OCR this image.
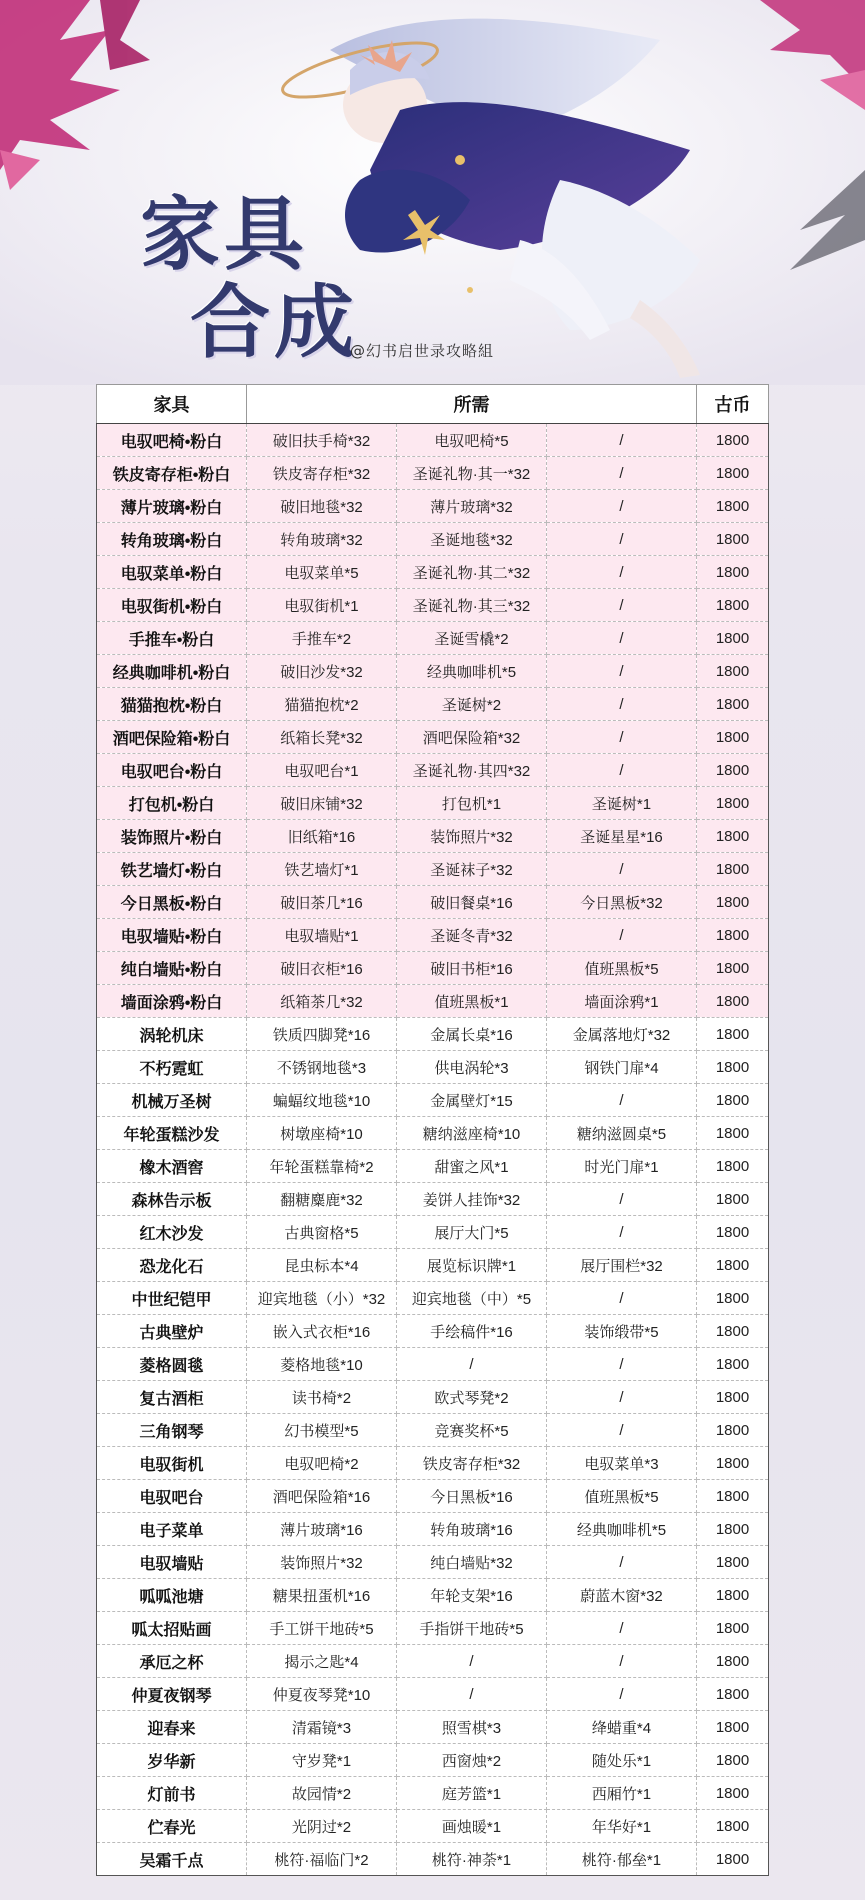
家具
合成
@幻书启世录攻略組
家具	所需			古币
电驭吧椅•粉白	破旧扶手椅*32	电驭吧椅*5	/	1800
铁皮寄存柜•粉白	铁皮寄存柜*32	圣诞礼物·其一*32	/	1800
薄片玻璃•粉白	破旧地毯*32	薄片玻璃*32	/	1800
转角玻璃•粉白	转角玻璃*32	圣诞地毯*32	/	1800
电驭菜单•粉白	电驭菜单*5	圣诞礼物·其二*32	/	1800
电驭街机•粉白	电驭街机*1	圣诞礼物·其三*32	/	1800
手推车•粉白	手推车*2	圣诞雪橇*2	/	1800
经典咖啡机•粉白	破旧沙发*32	经典咖啡机*5	/	1800
猫猫抱枕•粉白	猫猫抱枕*2	圣诞树*2	/	1800
酒吧保险箱•粉白	纸箱长凳*32	酒吧保险箱*32	/	1800
电驭吧台•粉白	电驭吧台*1	圣诞礼物·其四*32	/	1800
打包机•粉白	破旧床铺*32	打包机*1	圣诞树*1	1800
装饰照片•粉白	旧纸箱*16	装饰照片*32	圣诞星星*16	1800
铁艺墙灯•粉白	铁艺墙灯*1	圣诞袜子*32	/	1800
今日黑板•粉白	破旧茶几*16	破旧餐桌*16	今日黑板*32	1800
电驭墙贴•粉白	电驭墙贴*1	圣诞冬青*32	/	1800
纯白墙贴•粉白	破旧衣柜*16	破旧书柜*16	值班黑板*5	1800
墙面涂鸦•粉白	纸箱茶几*32	值班黑板*1	墙面涂鸦*1	1800
涡轮机床	铁质四脚凳*16	金属长桌*16	金属落地灯*32	1800
不朽霓虹	不锈钢地毯*3	供电涡轮*3	钢铁门扉*4	1800
机械万圣树	蝙蝠纹地毯*10	金属壁灯*15	/	1800
年轮蛋糕沙发	树墩座椅*10	糖纳滋座椅*10	糖纳滋圆桌*5	1800
橡木酒窖	年轮蛋糕靠椅*2	甜蜜之风*1	时光门扉*1	1800
森林告示板	翻糖麋鹿*32	姜饼人挂饰*32	/	1800
红木沙发	古典窗格*5	展厅大门*5	/	1800
恐龙化石	昆虫标本*4	展览标识牌*1	展厅围栏*32	1800
中世纪铠甲	迎宾地毯（小）*32	迎宾地毯（中）*5	/	1800
古典壁炉	嵌入式衣柜*16	手绘稿件*16	装饰缎带*5	1800
菱格圆毯	菱格地毯*10	/	/	1800
复古酒柜	读书椅*2	欧式琴凳*2	/	1800
三角钢琴	幻书模型*5	竞赛奖杯*5	/	1800
电驭街机	电驭吧椅*2	铁皮寄存柜*32	电驭菜单*3	1800
电驭吧台	酒吧保险箱*16	今日黑板*16	值班黑板*5	1800
电子菜单	薄片玻璃*16	转角玻璃*16	经典咖啡机*5	1800
电驭墙贴	装饰照片*32	纯白墙贴*32	/	1800
呱呱池塘	糖果扭蛋机*16	年轮支架*16	蔚蓝木窗*32	1800
呱太招贴画	手工饼干地砖*5	手指饼干地砖*5	/	1800
承厄之杯	揭示之匙*4	/	/	1800
仲夏夜钢琴	仲夏夜琴凳*10	/	/	1800
迎春来	清霜镜*3	照雪棋*3	绛蜡重*4	1800
岁华新	守岁凳*1	西窗烛*2	随处乐*1	1800
灯前书	故园情*2	庭芳篮*1	西厢竹*1	1800
伫春光	光阴过*2	画烛暖*1	年华好*1	1800
吴霜千点	桃符·福临门*2	桃符·神荼*1	桃符·郁垒*1	1800
